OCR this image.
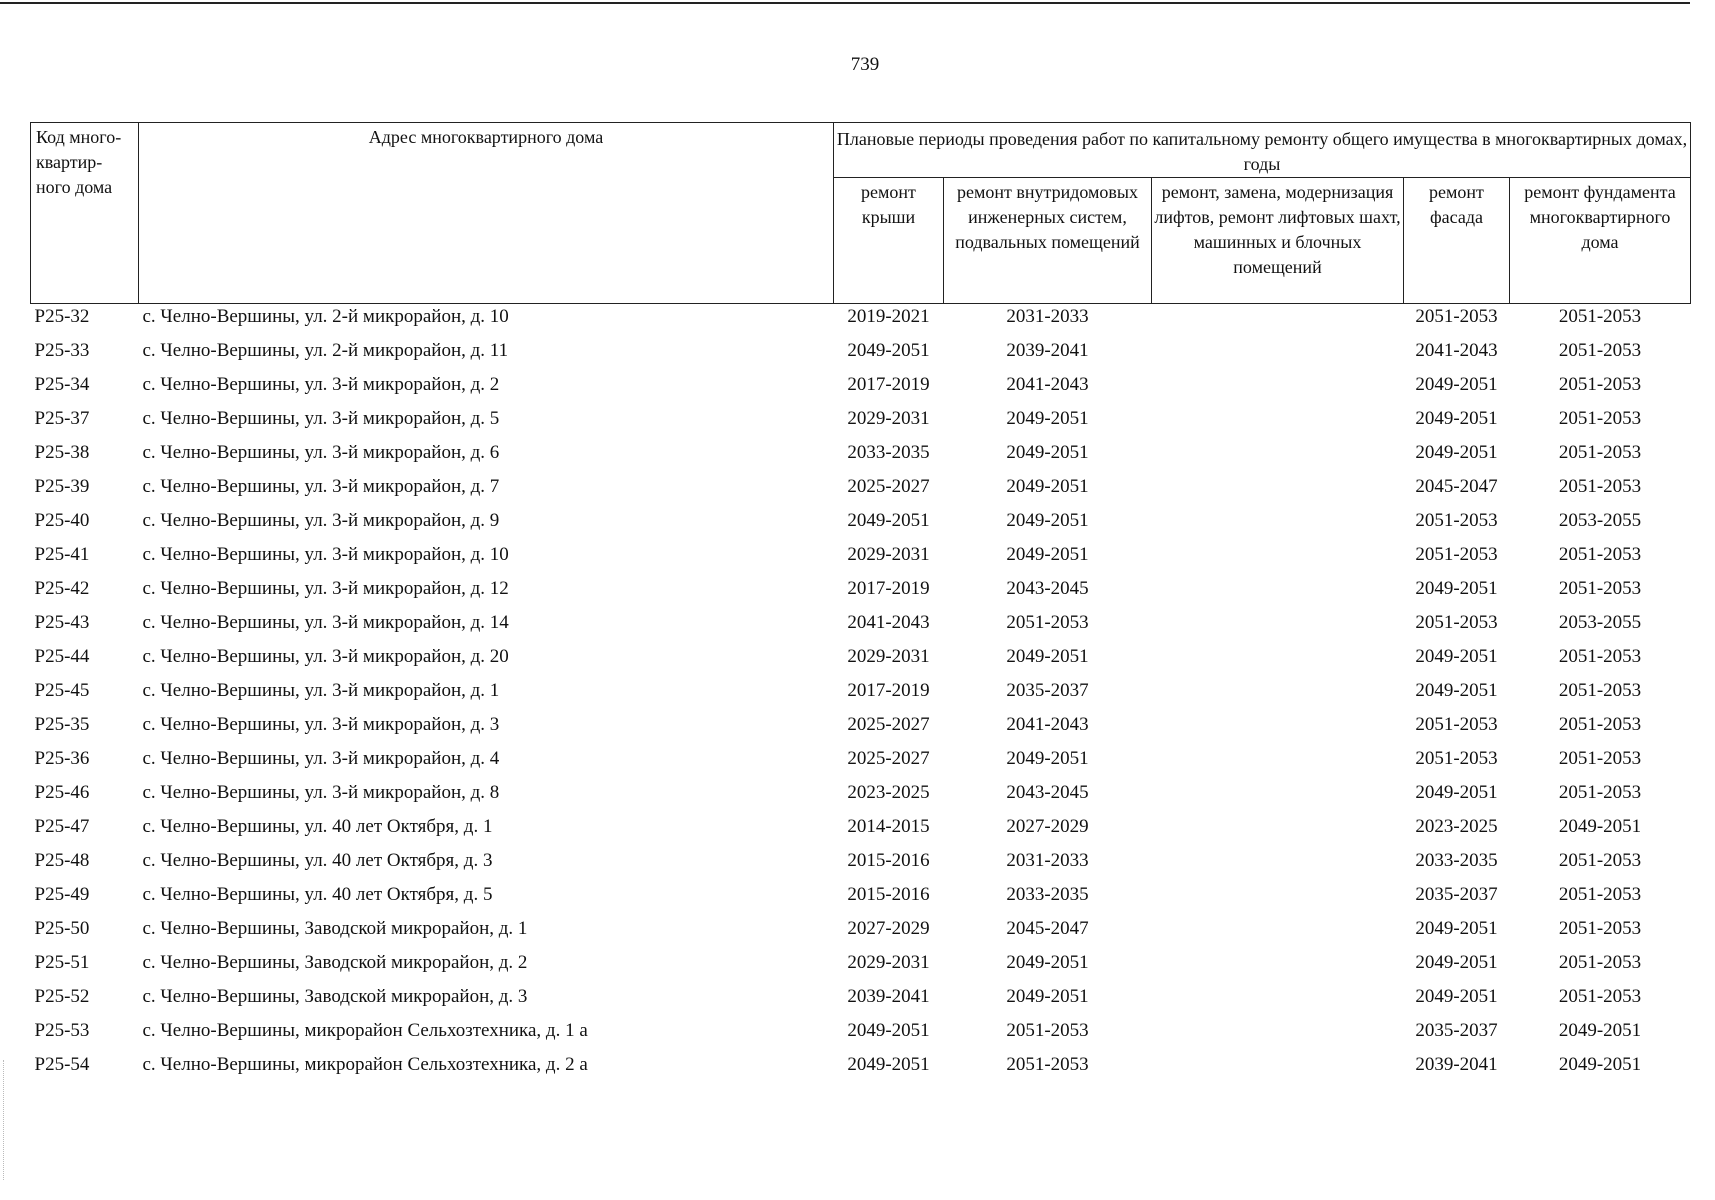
739
Код много-квартир-ного дома	Адрес многоквартирного дома	Плановые периоды проведения работ по капитальному ремонту общего имущества в многоквартирных домах, годы				
		ремонт крыши	ремонт внутридомовых инженерных систем, подвальных помещений	ремонт, замена, модернизация лифтов, ремонт лифтовых шахт, машинных и блочных помещений	ремонт фасада	ремонт фундамента многоквартирного дома
Р25-32	с. Челно-Вершины, ул. 2-й микрорайон, д. 10	2019-2021	2031-2033		2051-2053	2051-2053
Р25-33	с. Челно-Вершины, ул. 2-й микрорайон, д. 11	2049-2051	2039-2041		2041-2043	2051-2053
Р25-34	с. Челно-Вершины, ул. 3-й микрорайон, д. 2	2017-2019	2041-2043		2049-2051	2051-2053
Р25-37	с. Челно-Вершины, ул. 3-й микрорайон, д. 5	2029-2031	2049-2051		2049-2051	2051-2053
Р25-38	с. Челно-Вершины, ул. 3-й микрорайон, д. 6	2033-2035	2049-2051		2049-2051	2051-2053
Р25-39	с. Челно-Вершины, ул. 3-й микрорайон, д. 7	2025-2027	2049-2051		2045-2047	2051-2053
Р25-40	с. Челно-Вершины, ул. 3-й микрорайон, д. 9	2049-2051	2049-2051		2051-2053	2053-2055
Р25-41	с. Челно-Вершины, ул. 3-й микрорайон, д. 10	2029-2031	2049-2051		2051-2053	2051-2053
Р25-42	с. Челно-Вершины, ул. 3-й микрорайон, д. 12	2017-2019	2043-2045		2049-2051	2051-2053
Р25-43	с. Челно-Вершины, ул. 3-й микрорайон, д. 14	2041-2043	2051-2053		2051-2053	2053-2055
Р25-44	с. Челно-Вершины, ул. 3-й микрорайон, д. 20	2029-2031	2049-2051		2049-2051	2051-2053
Р25-45	с. Челно-Вершины, ул. 3-й микрорайон, д. 1	2017-2019	2035-2037		2049-2051	2051-2053
Р25-35	с. Челно-Вершины, ул. 3-й микрорайон, д. 3	2025-2027	2041-2043		2051-2053	2051-2053
Р25-36	с. Челно-Вершины, ул. 3-й микрорайон, д. 4	2025-2027	2049-2051		2051-2053	2051-2053
Р25-46	с. Челно-Вершины, ул. 3-й микрорайон, д. 8	2023-2025	2043-2045		2049-2051	2051-2053
Р25-47	с. Челно-Вершины, ул. 40 лет Октября, д. 1	2014-2015	2027-2029		2023-2025	2049-2051
Р25-48	с. Челно-Вершины, ул. 40 лет Октября, д. 3	2015-2016	2031-2033		2033-2035	2051-2053
Р25-49	с. Челно-Вершины, ул. 40 лет Октября, д. 5	2015-2016	2033-2035		2035-2037	2051-2053
Р25-50	с. Челно-Вершины, Заводской микрорайон, д. 1	2027-2029	2045-2047		2049-2051	2051-2053
Р25-51	с. Челно-Вершины, Заводской микрорайон, д. 2	2029-2031	2049-2051		2049-2051	2051-2053
Р25-52	с. Челно-Вершины, Заводской микрорайон, д. 3	2039-2041	2049-2051		2049-2051	2051-2053
Р25-53	с. Челно-Вершины, микрорайон Сельхозтехника, д. 1 а	2049-2051	2051-2053		2035-2037	2049-2051
Р25-54	с. Челно-Вершины, микрорайон Сельхозтехника, д. 2 а	2049-2051	2051-2053		2039-2041	2049-2051
